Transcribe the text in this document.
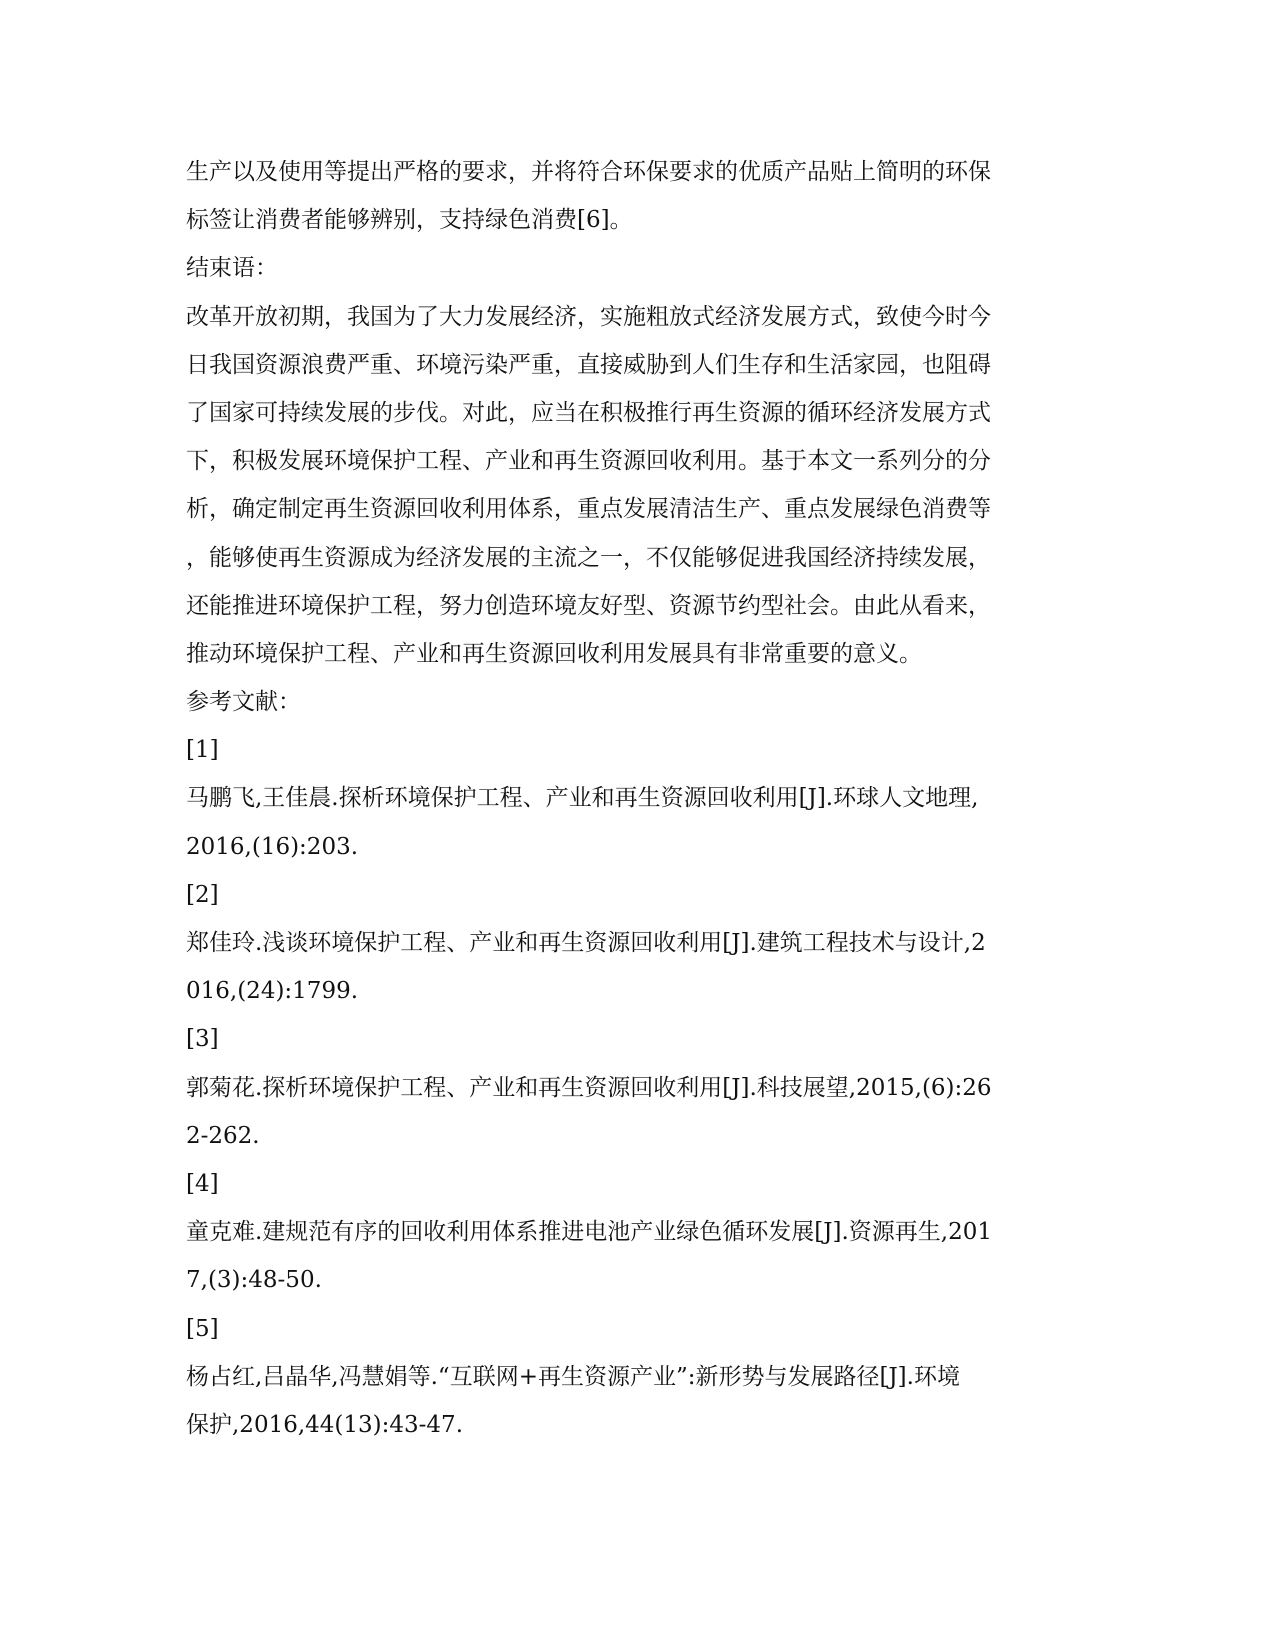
生产以及使用等提出严格的要求，并将符合环保要求的优质产品贴上简明的环保
标签让消费者能够辨别，支持绿色消费[6]。
结束语：
改革开放初期，我国为了大力发展经济，实施粗放式经济发展方式，致使今时今
日我国资源浪费严重、环境污染严重，直接威胁到人们生存和生活家园，也阻碍
了国家可持续发展的步伐。对此，应当在积极推行再生资源的循环经济发展方式
下，积极发展环境保护工程、产业和再生资源回收利用。基于本文一系列分的分
析，确定制定再生资源回收利用体系，重点发展清洁生产、重点发展绿色消费等
，能够使再生资源成为经济发展的主流之一，不仅能够促进我国经济持续发展，
还能推进环境保护工程，努力创造环境友好型、资源节约型社会。由此从看来，
推动环境保护工程、产业和再生资源回收利用发展具有非常重要的意义。
参考文献：
[1]
马鹏飞,王佳晨.探析环境保护工程、产业和再生资源回收利用[J].环球人文地理,
2016,(16):203.
[2]
郑佳玲.浅谈环境保护工程、产业和再生资源回收利用[J].建筑工程技术与设计,2
016,(24):1799.
[3]
郭菊花.探析环境保护工程、产业和再生资源回收利用[J].科技展望,2015,(6):26
2-262.
[4]
童克难.建规范有序的回收利用体系推进电池产业绿色循环发展[J].资源再生,201
7,(3):48-50.
[5]
杨占红,吕晶华,冯慧娟等.“互联网+再生资源产业”:新形势与发展路径[J].环境
保护,2016,44(13):43-47.
